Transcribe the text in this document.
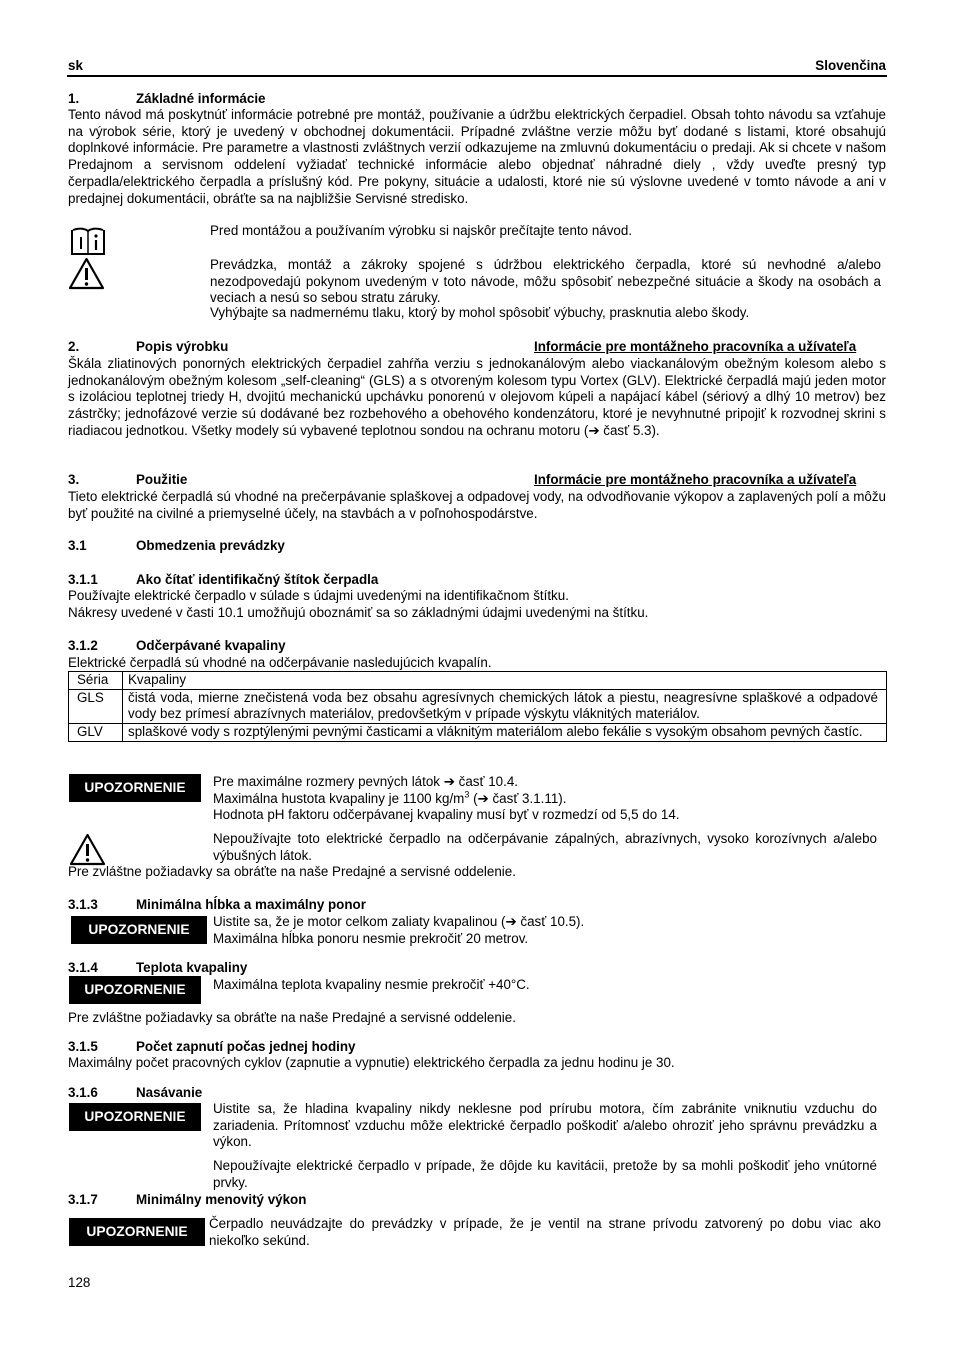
sk	Slovenčina
1.	Základné informácie
Tento návod má poskytnúť informácie potrebné pre montáž, používanie a údržbu elektrických čerpadiel. Obsah tohto návodu sa vzťahuje na výrobok série, ktorý je uvedený v obchodnej dokumentácii. Prípadné zvláštne verzie môžu byť dodané s listami, ktoré obsahujú doplnkové informácie. Pre parametre a vlastnosti zvláštnych verzií odkazujeme na zmluvnú dokumentáciu o predaji. Ak si chcete v našom Predajnom a servisnom oddelení vyžiadať technické informácie alebo objednať náhradné diely , vždy uveďte presný typ čerpadla/elektrického čerpadla a príslušný kód. Pre pokyny, situácie a udalosti, ktoré nie sú výslovne uvedené v tomto návode a ani v predajnej dokumentácii, obráťte sa na najbližšie Servisné stredisko.
Pred montážou a používaním výrobku si najskôr prečítajte tento návod.
Prevádzka, montáž a zákroky spojené s údržbou elektrického čerpadla, ktoré sú nevhodné a/alebo nezodpovedajú pokynom uvedeným v toto návode, môžu spôsobiť nebezpečné situácie a škody na osobách a veciach a nesú so sebou stratu záruky.
Vyhýbajte sa nadmernému tlaku, ktorý by mohol spôsobiť výbuchy, prasknutia alebo škody.
2.	Popis výrobku	Informácie pre montážneho pracovníka a užívateľa
Škála zliatinových ponorných elektrických čerpadiel zahŕňa verziu s jednokanálovým alebo viackanálovým obežným kolesom alebo s jednokanálovým obežným kolesom „self-cleaning“ (GLS) a s otvoreným kolesom typu Vortex (GLV). Elektrické čerpadlá majú jeden motor s izoláciou teplotnej triedy H, dvojitú mechanickú upchávku ponorenú v olejovom kúpeli a napájací kábel (sériový a dlhý 10 metrov) bez zástrčky; jednofázové verzie sú dodávané bez rozbehového a obehového kondenzátoru, ktoré je nevyhnutné pripojiť k rozvodnej skrini s riadiacou jednotkou. Všetky modely sú vybavené teplotnou sondou na ochranu motoru (➔ časť 5.3).
3.	Použitie	Informácie pre montážneho pracovníka a užívateľa
Tieto elektrické čerpadlá sú vhodné na prečerpávanie splaškovej a odpadovej vody, na odvodňovanie výkopov a zaplavených polí a môžu byť použité na civilné a priemyselné účely, na stavbách a v poľnohospodárstve.
3.1	Obmedzenia prevádzky
3.1.1	Ako čítať identifikačný štítok čerpadla
Používajte elektrické čerpadlo v súlade s údajmi uvedenými na identifikačnom štítku.
Nákresy uvedené v časti 10.1 umožňujú oboznámiť sa so základnými údajmi uvedenými na štítku.
3.1.2	Odčerpávané kvapaliny
Elektrické čerpadlá sú vhodné na odčerpávanie nasledujúcich kvapalín.
Séria	Kvapaliny
GLS	čistá voda, mierne znečistená voda bez obsahu agresívnych chemických látok a piestu, neagresívne splaškové a odpadové vody bez prímesí abrazívnych materiálov, predovšetkým v prípade výskytu vláknitých materiálov.
GLV	splaškové vody s rozptýlenými pevnými časticami a vláknitým materiálom alebo fekálie s vysokým obsahom pevných častíc.
UPOZORNENIE	Pre maximálne rozmery pevných látok ➔ časť 10.4.
Maximálna hustota kvapaliny je 1100 $kg/m^3$ (➔ časť 3.1.11).
Hodnota pH faktoru odčerpávanej kvapaliny musí byť v rozmedzí od 5,5 do 14.
Nepoužívajte toto elektrické čerpadlo na odčerpávanie zápalných, abrazívnych, vysoko korozívnych a/alebo výbušných látok.
Pre zvláštne požiadavky sa obráťte na naše Predajné a servisné oddelenie.
3.1.3	Minimálna hĺbka a maximálny ponor
UPOZORNENIE
Uistite sa, že je motor celkom zaliaty kvapalinou (➔ časť 10.5).
Maximálna hĺbka ponoru nesmie prekročiť 20 metrov.
3.1.4	Teplota kvapaliny
UPOZORNENIE	Maximálna teplota kvapaliny nesmie prekročiť +40°C.
Pre zvláštne požiadavky sa obráťte na naše Predajné a servisné oddelenie.
3.1.5	Počet zapnutí počas jednej hodiny
Maximálny počet pracovných cyklov (zapnutie a vypnutie) elektrického čerpadla za jednu hodinu je 30.
3.1.6	Nasávanie
UPOZORNENIE
Uistite sa, že hladina kvapaliny nikdy neklesne pod prírubu motora, čím zabránite vniknutiu vzduchu do zariadenia. Prítomnosť vzduchu môže elektrické čerpadlo poškodiť a/alebo ohroziť jeho správnu prevádzku a výkon.
Nepoužívajte elektrické čerpadlo v prípade, že dôjde ku kavitácii, pretože by sa mohli poškodiť jeho vnútorné prvky.
3.1.7	Minimálny menovitý výkon
UPOZORNENIE
Čerpadlo neuvádzajte do prevádzky v prípade, že je ventil na strane prívodu zatvorený po dobu viac ako niekoľko sekúnd.
128
